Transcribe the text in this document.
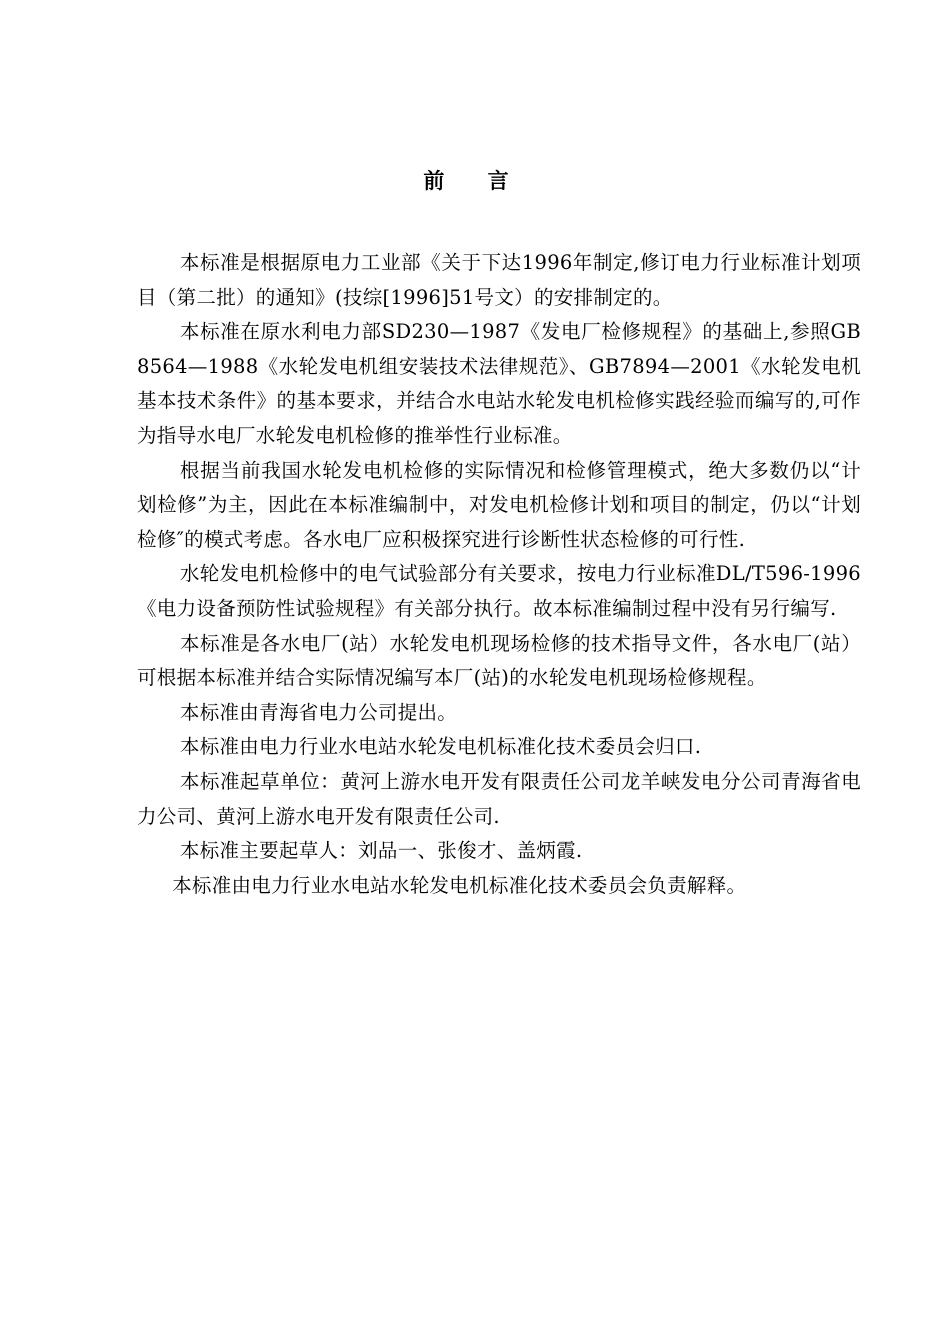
前 言

本标准是根据原电力工业部《关于下达1996年制定,修订电力行业标准计划项目（第二批）的通知》(技综[1996]51号文）的安排制定的。

本标准在原水利电力部SD230—1987《发电厂检修规程》的基础上,参照GB8564—1988《水轮发电机组安装技术法律规范》、GB7894—2001《水轮发电机基本技术条件》的基本要求，并结合水电站水轮发电机检修实践经验而编写的,可作为指导水电厂水轮发电机检修的推举性行业标准。

根据当前我国水轮发电机检修的实际情况和检修管理模式，绝大多数仍以“计划检修”为主，因此在本标准编制中，对发电机检修计划和项目的制定，仍以“计划检修″的模式考虑。各水电厂应积极探究进行诊断性状态检修的可行性.

水轮发电机检修中的电气试验部分有关要求，按电力行业标准DL/T596-1996《电力设备预防性试验规程》有关部分执行。故本标准编制过程中没有另行编写.

本标准是各水电厂(站）水轮发电机现场检修的技术指导文件，各水电厂(站）可根据本标准并结合实际情况编写本厂(站)的水轮发电机现场检修规程。

本标准由青海省电力公司提出。

本标准由电力行业水电站水轮发电机标准化技术委员会归口.

本标准起草单位：黄河上游水电开发有限责任公司龙羊峡发电分公司青海省电力公司、黄河上游水电开发有限责任公司.

本标准主要起草人：刘品一、张俊才、盖炳霞.

本标准由电力行业水电站水轮发电机标准化技术委员会负责解释。
